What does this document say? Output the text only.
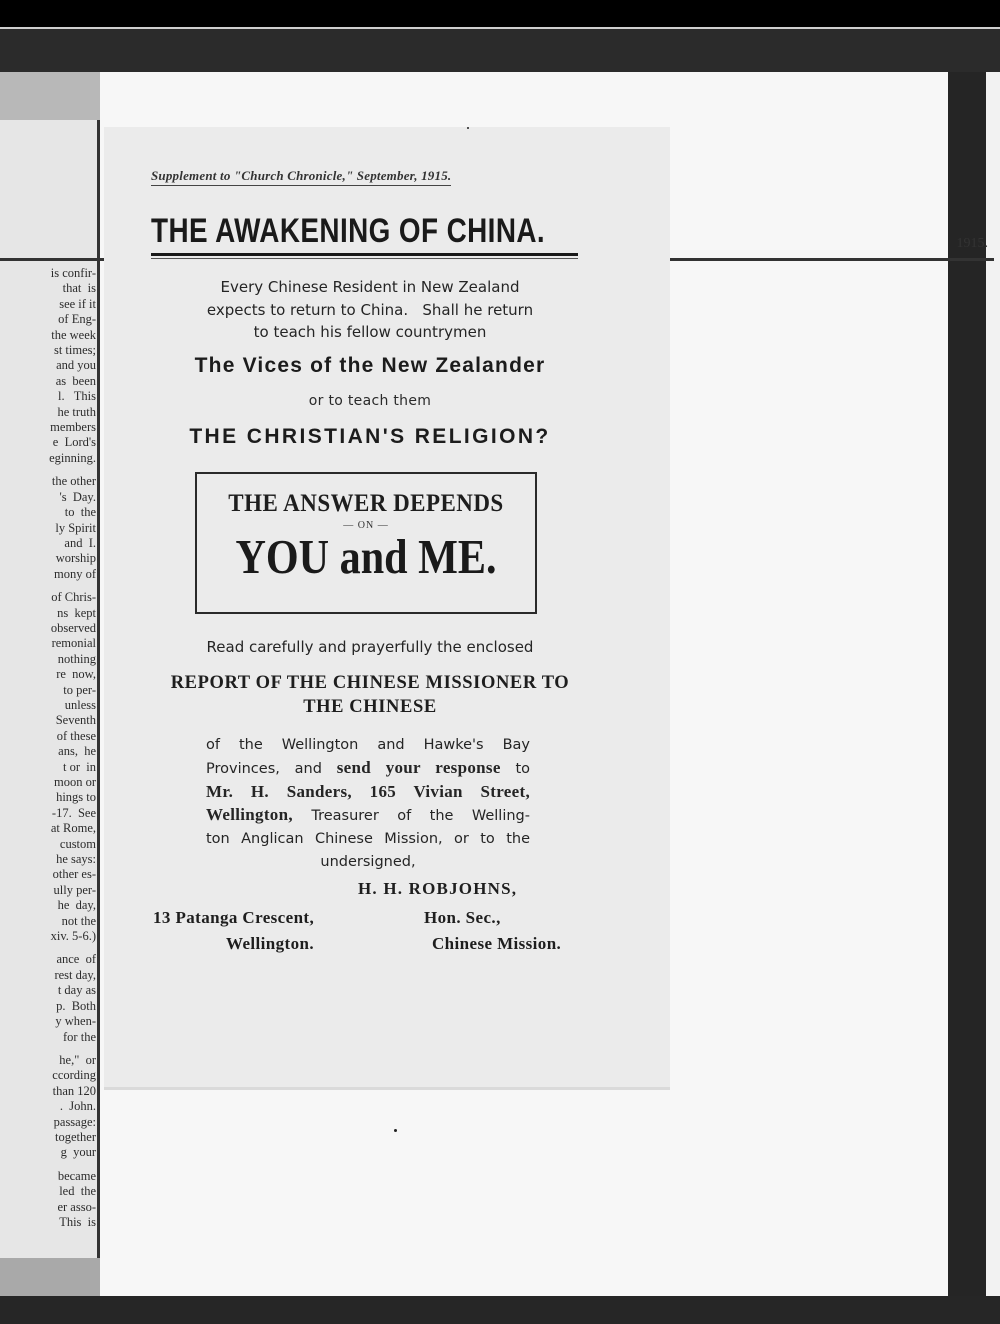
1915.
is confir-
that  is
see if it
of Eng-
the week
st times;
and you
as  been
l.   This
he truth
members
e  Lord's
eginning.
the other
's  Day.
to  the
ly Spirit
and  I.
worship
mony of
of Chris-
ns  kept
observed
remonial
nothing
re  now,
to per-
unless
Seventh
of these
ans,  he
t or  in
moon or
hings to
-17.  See
at Rome,
custom
he says:
other es-
ully per-
he  day,
not the
xiv. 5-6.)
ance  of
rest day,
t day as
p.  Both
y when-
for the
he,"  or
ccording
than 120
.  John.
passage:
together
g  your
became
led  the
er asso-
This  is
Supplement to "Church Chronicle," September, 1915.
THE AWAKENING OF CHINA.
Every Chinese Resident in New Zealand
expects to return to China.   Shall he return
to teach his fellow countrymen
The Vices of the New Zealander
or to teach them
THE CHRISTIAN'S RELIGION?
THE ANSWER DEPENDS
— ON —
YOU and ME.
Read carefully and prayerfully the enclosed
REPORT OF THE CHINESE MISSIONER TO
THE CHINESE
of the Wellington and Hawke's Bay
Provinces, and send your response to
Mr. H. Sanders, 165 Vivian Street,
Wellington, Treasurer of the Welling-
ton Anglican Chinese Mission, or to the
undersigned,
H. H. ROBJOHNS,
13 Patanga Crescent,	Hon. Sec.,
Wellington.	Chinese Mission.
